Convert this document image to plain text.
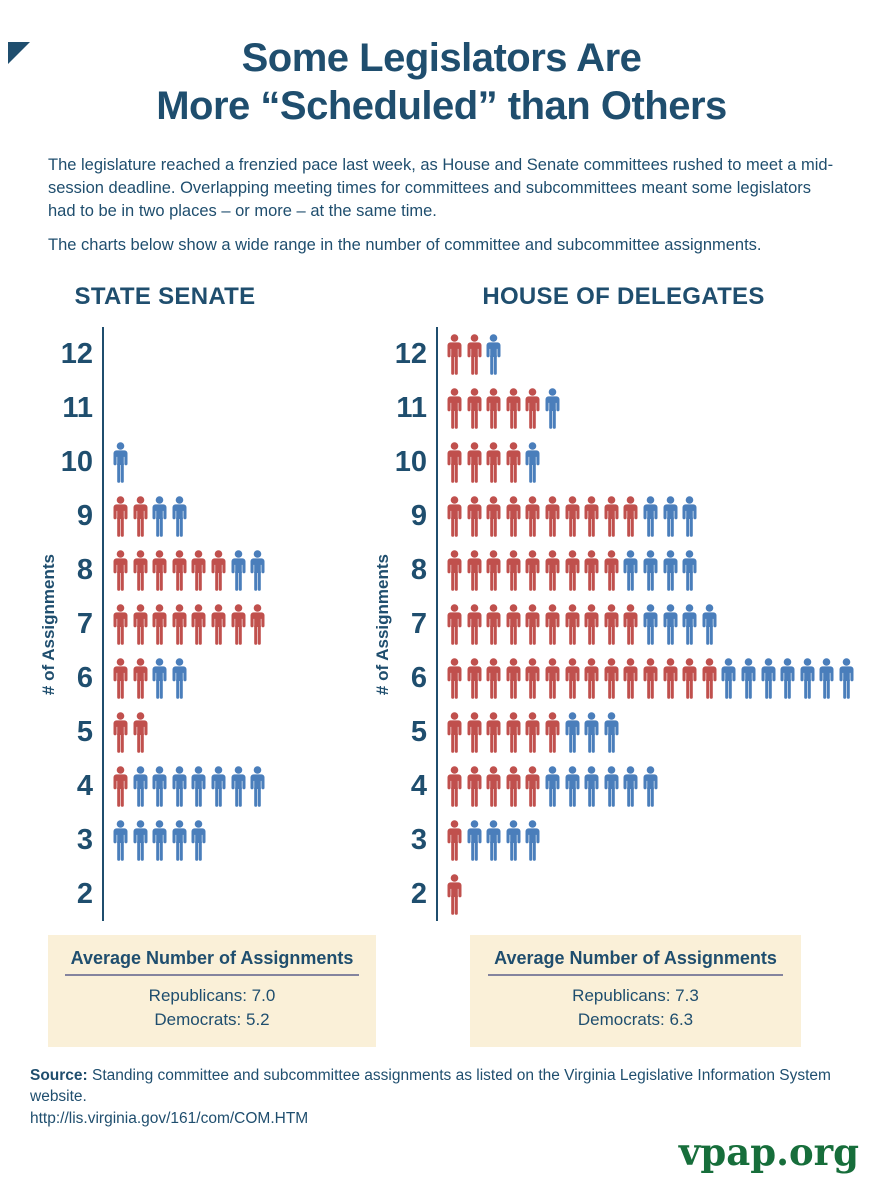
Some Legislators Are
More “Scheduled” than Others

The legislature reached a frenzied pace last week, as House and Senate committees rushed to meet a mid-session deadline. Overlapping meeting times for committees and subcommittees meant some legislators had to be in two places – or more – at the same time.

The charts below show a wide range in the number of committee and subcommittee assignments.

STATE SENATE
# of Assignments
12
11
10
9
8
7
6
5
4
3
2
HOUSE OF DELEGATES
# of Assignments
12
11
10
9
8
7
6
5
4
3
2
Average Number of Assignments
Republicans: 7.0
Democrats: 5.2
Average Number of Assignments
Republicans: 7.3
Democrats: 6.3
Source: Standing committee and subcommittee assignments as listed on the Virginia Legislative Information System website.
http://lis.virginia.gov/161/com/COM.HTM
vpap.org
